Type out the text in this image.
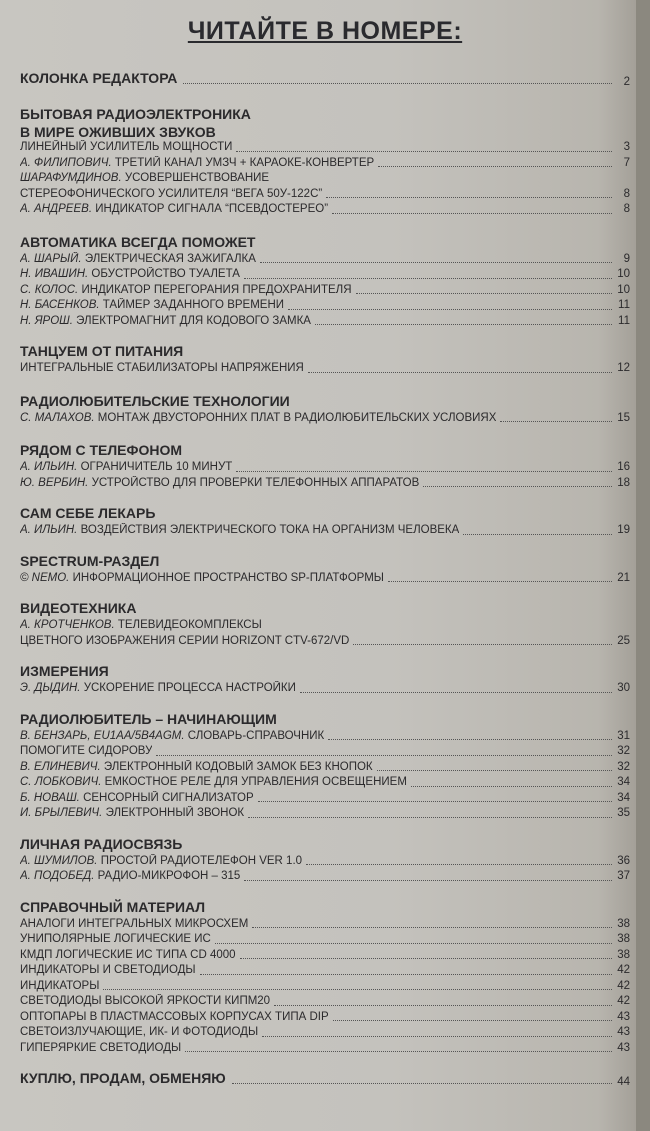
ЧИТАЙТЕ В НОМЕРЕ:
КОЛОНКА РЕДАКТОРА	2
БЫТОВАЯ РАДИОЭЛЕКТРОНИКА
В МИРЕ ОЖИВШИХ ЗВУКОВ
ЛИНЕЙНЫЙ УСИЛИТЕЛЬ МОЩНОСТИ	3
А. ФИЛИПОВИЧ. ТРЕТИЙ КАНАЛ УМЗЧ + КАРАОКЕ-КОНВЕРТЕР	7
ШАРАФУМДИНОВ. УСОВЕРШЕНСТВОВАНИЕ
СТЕРЕОФОНИЧЕСКОГО УСИЛИТЕЛЯ “ВЕГА 50У-122С”	8
А. АНДРЕЕВ. ИНДИКАТОР СИГНАЛА “ПСЕВДОСТЕРЕО”	8
АВТОМАТИКА ВСЕГДА ПОМОЖЕТ
А. ШАРЫЙ. ЭЛЕКТРИЧЕСКАЯ ЗАЖИГАЛКА	9
Н. ИВАШИН. ОБУСТРОЙСТВО ТУАЛЕТА	10
С. КОЛОС. ИНДИКАТОР ПЕРЕГОРАНИЯ ПРЕДОХРАНИТЕЛЯ	10
Н. БАСЕНКОВ. ТАЙМЕР ЗАДАННОГО ВРЕМЕНИ	11
Н. ЯРОШ. ЭЛЕКТРОМАГНИТ ДЛЯ КОДОВОГО ЗАМКА	11
ТАНЦУЕМ ОТ ПИТАНИЯ
ИНТЕГРАЛЬНЫЕ СТАБИЛИЗАТОРЫ НАПРЯЖЕНИЯ	12
РАДИОЛЮБИТЕЛЬСКИЕ ТЕХНОЛОГИИ
С. МАЛАХОВ. МОНТАЖ ДВУСТОРОННИХ ПЛАТ В РАДИОЛЮБИТЕЛЬСКИХ УСЛОВИЯХ	15
РЯДОМ С ТЕЛЕФОНОМ
А. ИЛЬИН. ОГРАНИЧИТЕЛЬ 10 МИНУТ	16
Ю. ВЕРБИН. УСТРОЙСТВО ДЛЯ ПРОВЕРКИ ТЕЛЕФОННЫХ АППАРАТОВ	18
САМ СЕБЕ ЛЕКАРЬ
А. ИЛЬИН. ВОЗДЕЙСТВИЯ ЭЛЕКТРИЧЕСКОГО ТОКА НА ОРГАНИЗМ ЧЕЛОВЕКА	19
SPECTRUM-РАЗДЕЛ
© NEMO. ИНФОРМАЦИОННОЕ ПРОСТРАНСТВО SP-ПЛАТФОРМЫ	21
ВИДЕОТЕХНИКА
А. КРОТЧЕНКОВ. ТЕЛЕВИДЕОКОМПЛЕКСЫ
ЦВЕТНОГО ИЗОБРАЖЕНИЯ СЕРИИ HORIZONT CTV-672/VD	25
ИЗМЕРЕНИЯ
Э. ДЫДИН. УСКОРЕНИЕ ПРОЦЕССА НАСТРОЙКИ	30
РАДИОЛЮБИТЕЛЬ – НАЧИНАЮЩИМ
В. БЕНЗАРЬ, EU1AA/5B4AGM. СЛОВАРЬ-СПРАВОЧНИК	31
ПОМОГИТЕ СИДОРОВУ	32
В. ЕЛИНЕВИЧ. ЭЛЕКТРОННЫЙ КОДОВЫЙ ЗАМОК БЕЗ КНОПОК	32
С. ЛОБКОВИЧ. ЕМКОСТНОЕ РЕЛЕ ДЛЯ УПРАВЛЕНИЯ ОСВЕЩЕНИЕМ	34
Б. НОВАШ. СЕНСОРНЫЙ СИГНАЛИЗАТОР	34
И. БРЫЛЕВИЧ. ЭЛЕКТРОННЫЙ ЗВОНОК	35
ЛИЧНАЯ РАДИОСВЯЗЬ
А. ШУМИЛОВ. ПРОСТОЙ РАДИОТЕЛЕФОН VER 1.0	36
А. ПОДОБЕД. РАДИО-МИКРОФОН – 315	37
СПРАВОЧНЫЙ МАТЕРИАЛ
АНАЛОГИ ИНТЕГРАЛЬНЫХ МИКРОСХЕМ	38
УНИПОЛЯРНЫЕ ЛОГИЧЕСКИЕ ИС	38
КМДП ЛОГИЧЕСКИЕ ИС ТИПА CD 4000	38
ИНДИКАТОРЫ И СВЕТОДИОДЫ	42
ИНДИКАТОРЫ	42
СВЕТОДИОДЫ ВЫСОКОЙ ЯРКОСТИ КИПМ20	42
ОПТОПАРЫ В ПЛАСТМАССОВЫХ КОРПУСАХ ТИПА DIP	43
СВЕТОИЗЛУЧАЮЩИЕ, ИК- И ФОТОДИОДЫ	43
ГИПЕРЯРКИЕ СВЕТОДИОДЫ	43
КУПЛЮ, ПРОДАМ, ОБМЕНЯЮ	44
